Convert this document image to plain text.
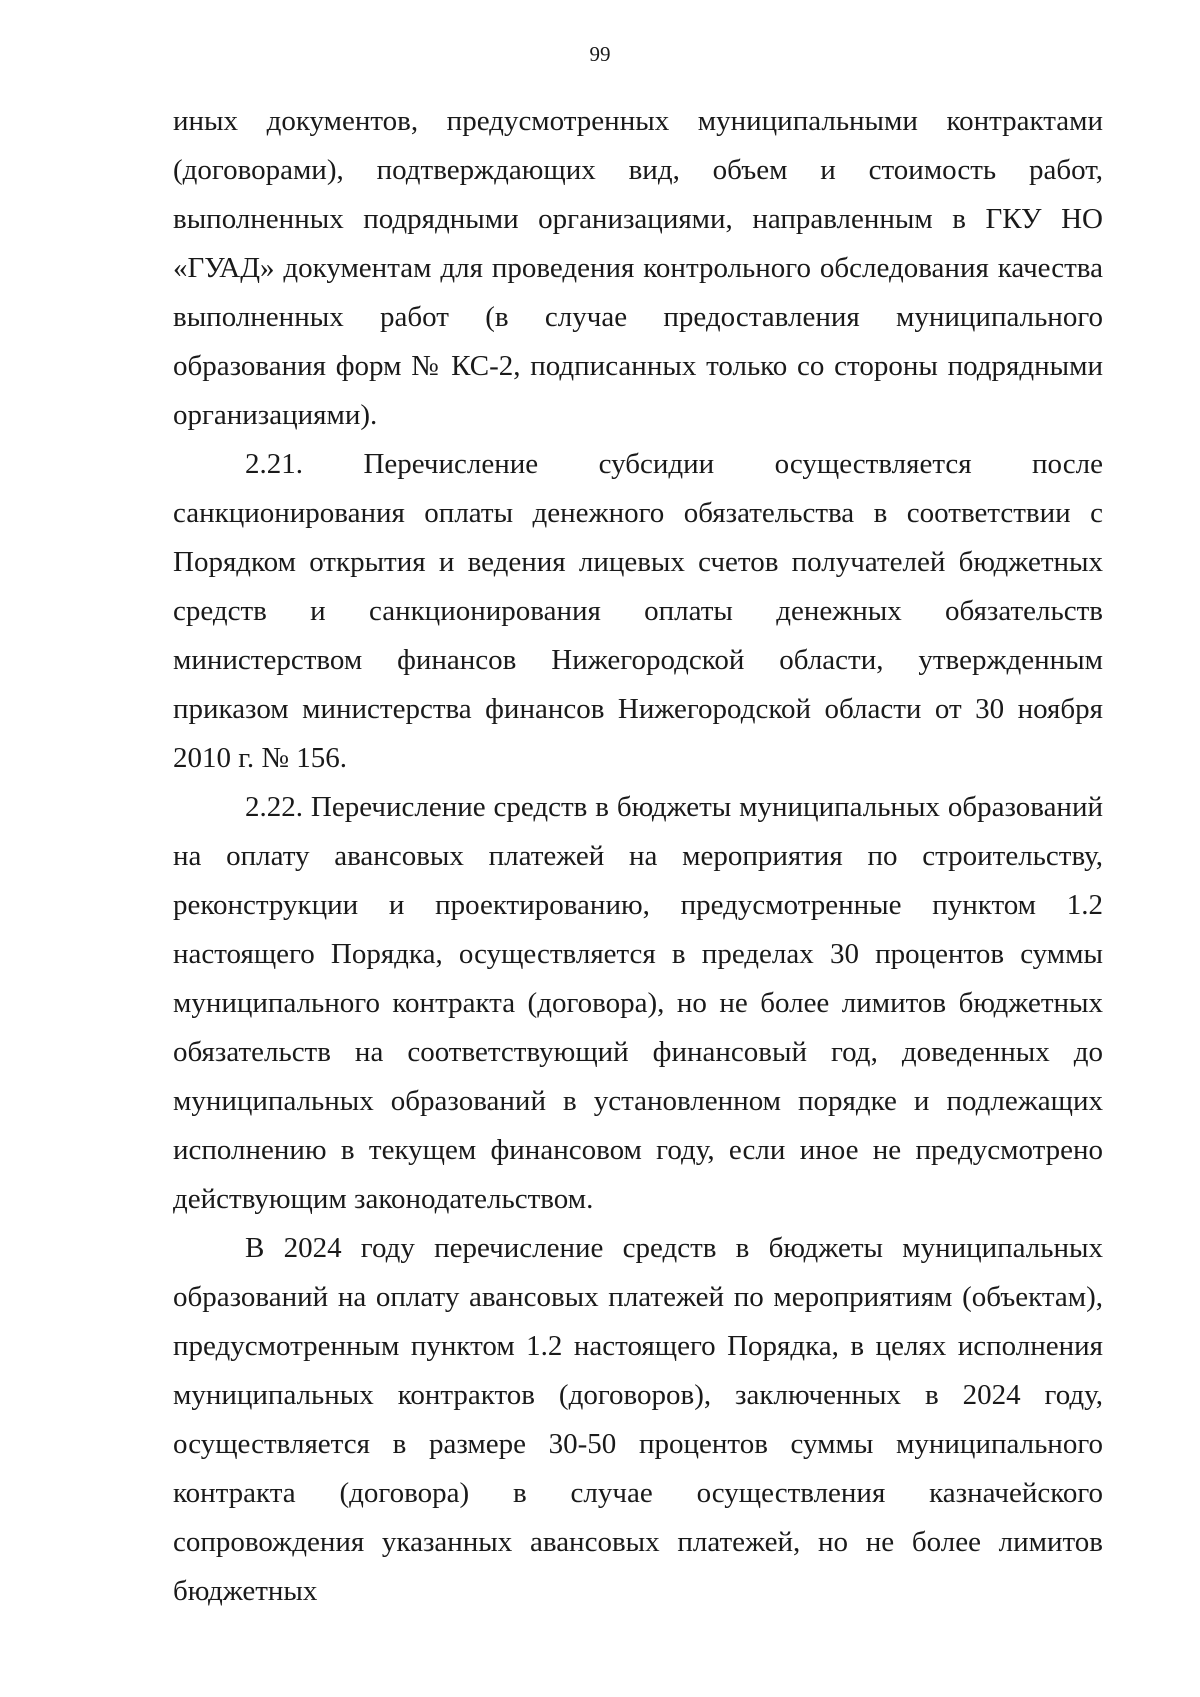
99

иных документов, предусмотренных муниципальными контрактами (договорами), подтверждающих вид, объем и стоимость работ, выполненных подрядными организациями, направленным в ГКУ НО «ГУАД» документам для проведения контрольного обследования качества выполненных работ (в случае предоставления муниципального образования форм № КС-2, подписанных только со стороны подрядными организациями).

2.21. Перечисление субсидии осуществляется после санкционирования оплаты денежного обязательства в соответствии с Порядком открытия и ведения лицевых счетов получателей бюджетных средств и санкционирования оплаты денежных обязательств министерством финансов Нижегородской области, утвержденным приказом министерства финансов Нижегородской области от 30 ноября 2010 г. № 156.

2.22. Перечисление средств в бюджеты муниципальных образований на оплату авансовых платежей на мероприятия по строительству, реконструкции и проектированию, предусмотренные пунктом 1.2 настоящего Порядка, осуществляется в пределах 30 процентов суммы муниципального контракта (договора), но не более лимитов бюджетных обязательств на соответствующий финансовый год, доведенных до муниципальных образований в установленном порядке и подлежащих исполнению в текущем финансовом году, если иное не предусмотрено действующим законодательством.

В 2024 году перечисление средств в бюджеты муниципальных образований на оплату авансовых платежей по мероприятиям (объектам), предусмотренным пунктом 1.2 настоящего Порядка, в целях исполнения муниципальных контрактов (договоров), заключенных в 2024 году, осуществляется в размере 30-50 процентов суммы муниципального контракта (договора) в случае осуществления казначейского сопровождения указанных авансовых платежей, но не более лимитов бюджетных
